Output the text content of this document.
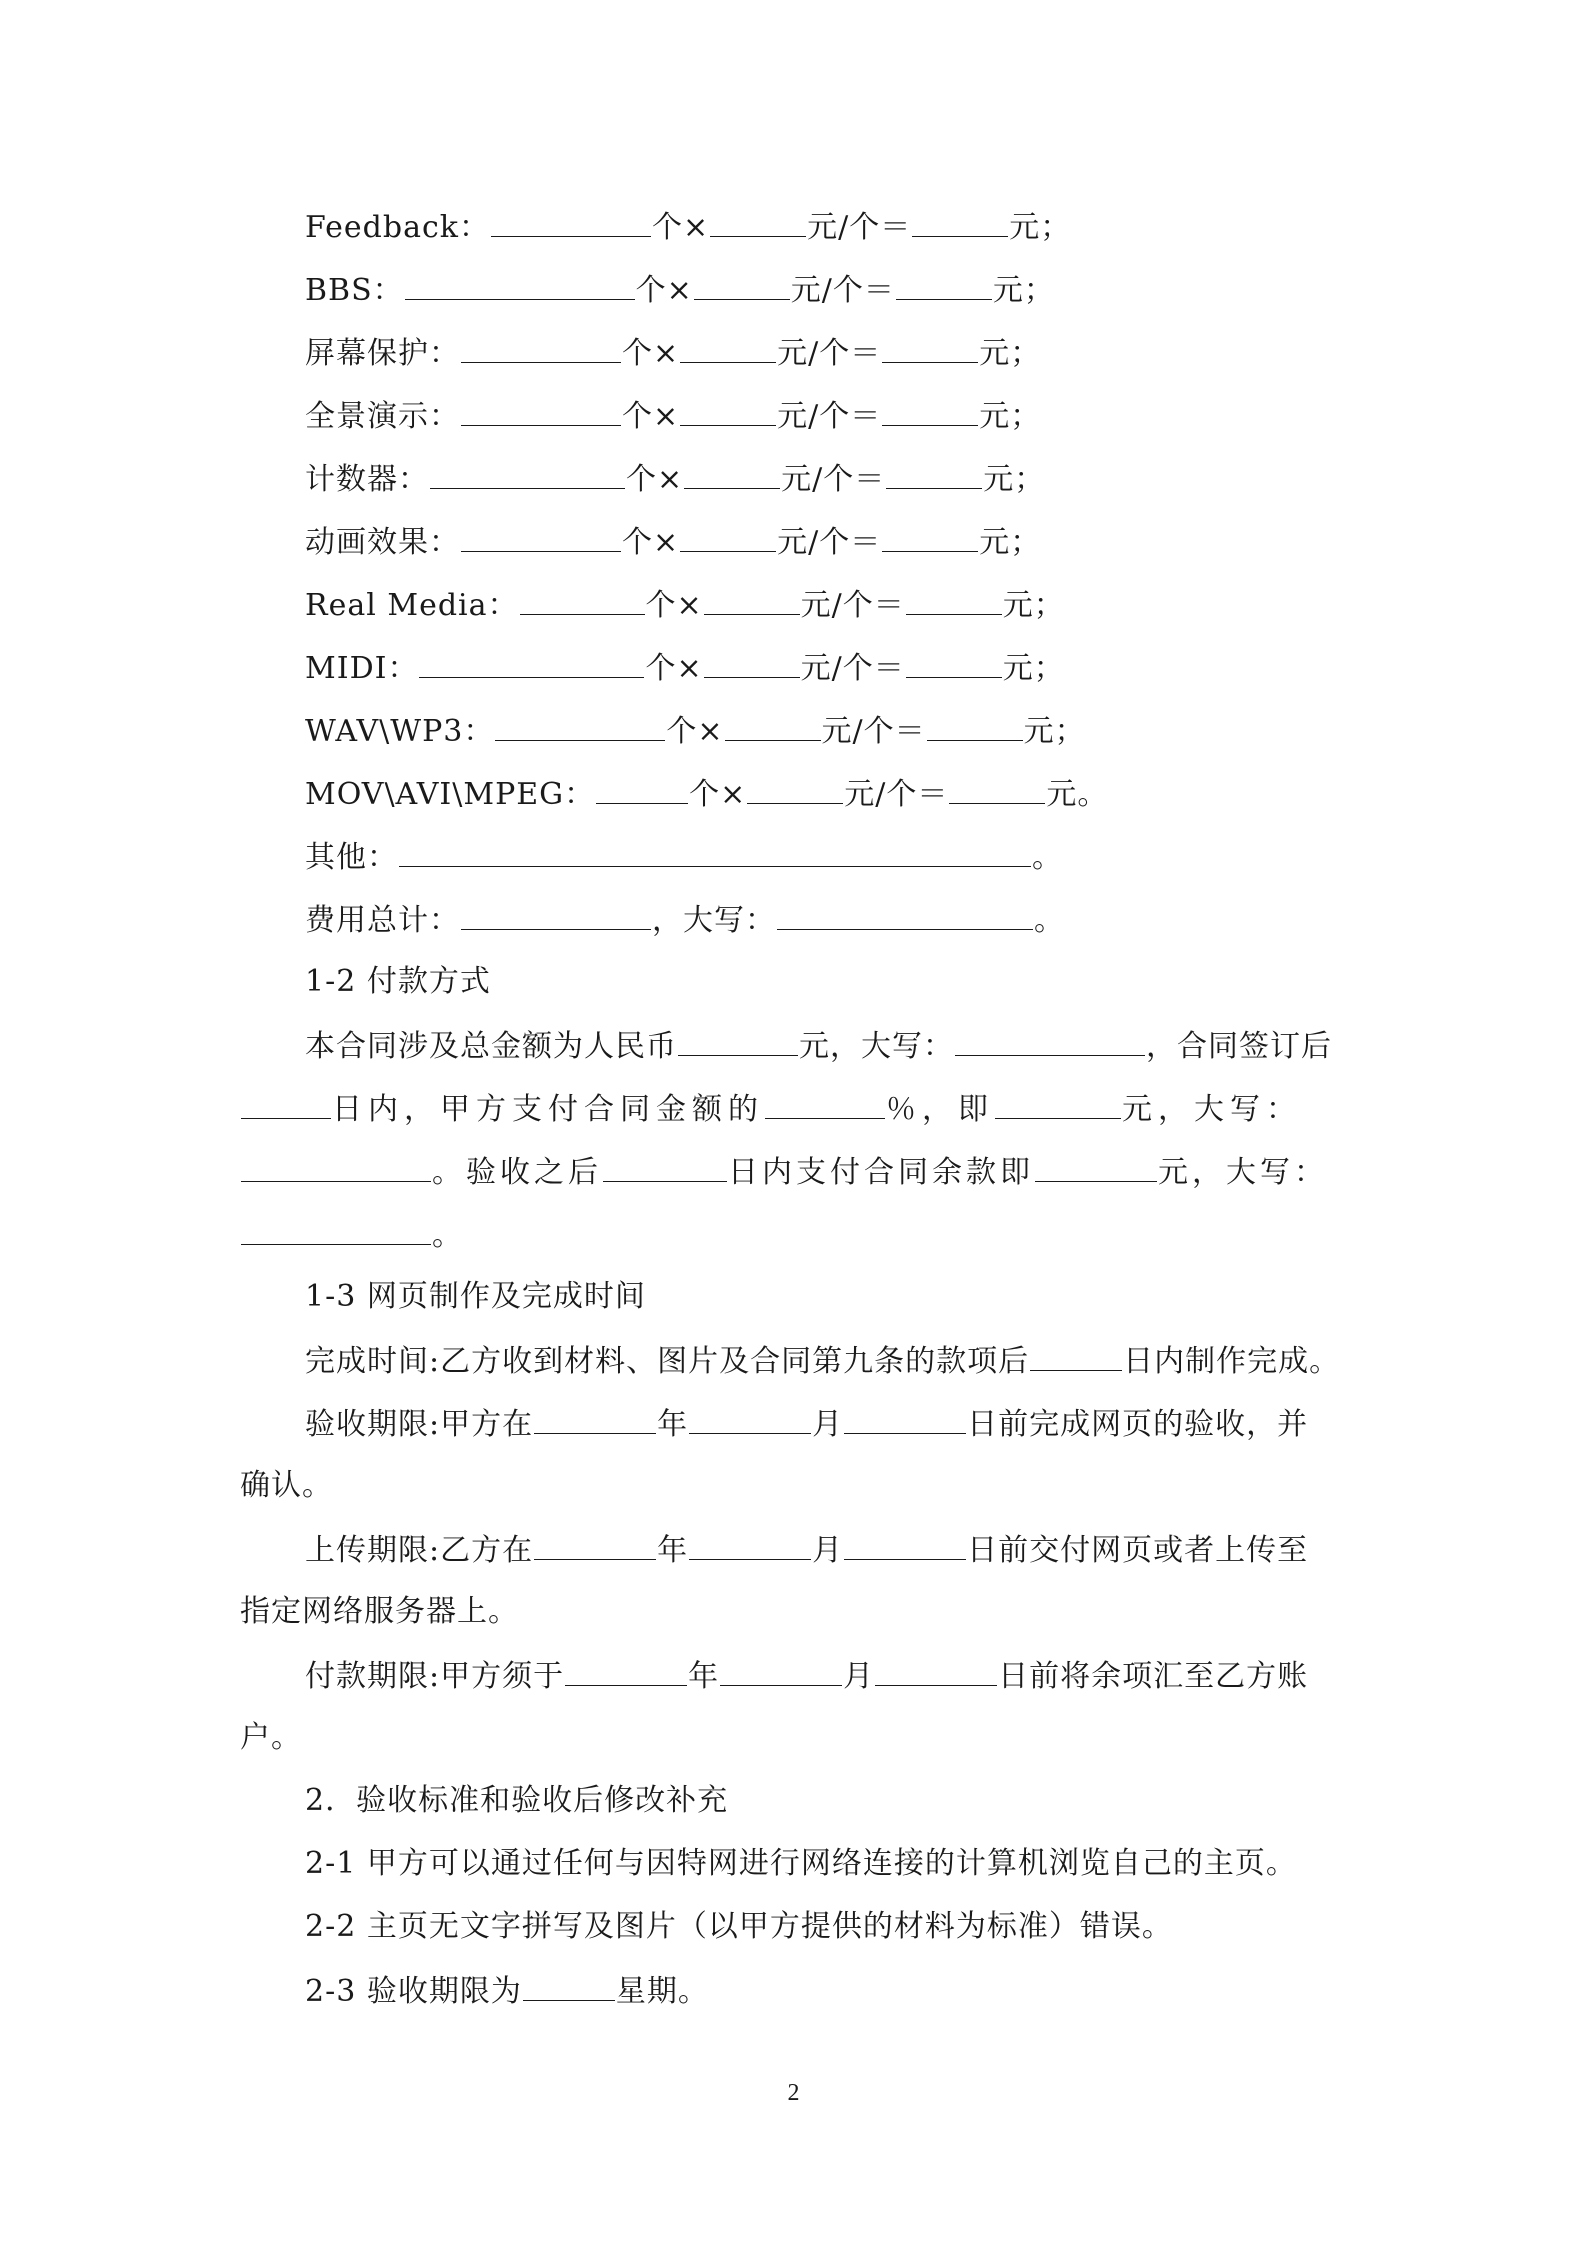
Feedback：	个×	元/个＝	元；
BBS：	个×	元/个＝	元；
屏幕保护：	个×	元/个＝	元；
全景演示：	个×	元/个＝	元；
计数器：	个×	元/个＝	元；
动画效果：	个×	元/个＝	元；
Real Media：	个×	元/个＝	元；
MIDI：	个×	元/个＝	元；
WAV\WP3：	个×	元/个＝	元；
MOV\AVI\MPEG：	个×	元/个＝	元。
其他：	。
费用总计：	，大写：	。
1-2 付款方式
本合同涉及总金额为人民币	元，大写：	，合同签订后
日内，甲方支付合同金额的	％，即	元，大写：
。验收之后	日内支付合同余款即	元，大写：
。
1-3 网页制作及完成时间
完成时间:乙方收到材料、图片及合同第九条的款项后	日内制作完成。
验收期限:甲方在	年	月	日前完成网页的验收，并
确认。
上传期限:乙方在	年	月	日前交付网页或者上传至
指定网络服务器上。
付款期限:甲方须于	年	月	日前将余项汇至乙方账
户。
2．验收标准和验收后修改补充
2-1 甲方可以通过任何与因特网进行网络连接的计算机浏览自己的主页。
2-2 主页无文字拼写及图片（以甲方提供的材料为标准）错误。
2-3 验收期限为	星期。
2
